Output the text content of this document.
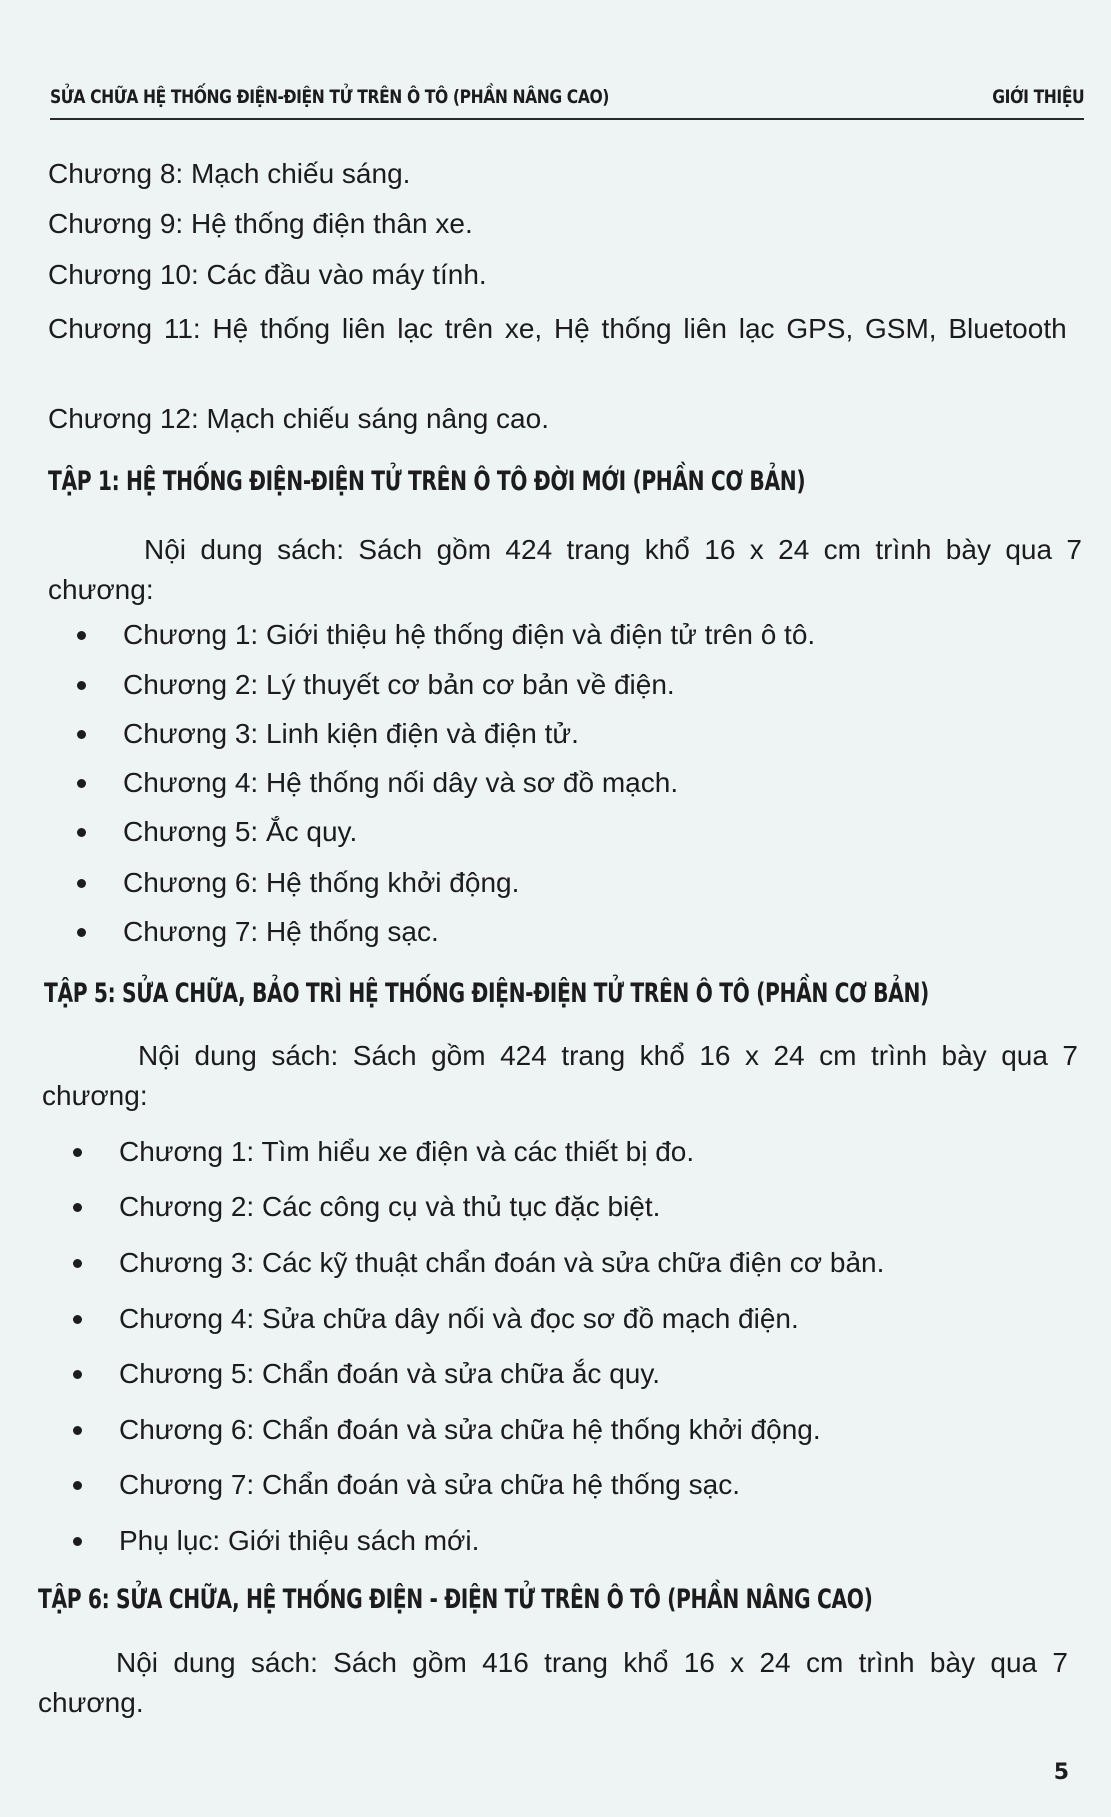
SỬA CHỮA HỆ THỐNG ĐIỆN-ĐIỆN TỬ TRÊN Ô TÔ (PHẦN NÂNG CAO)	GIỚI THIỆU
Chương 8: Mạch chiếu sáng.
Chương 9: Hệ thống điện thân xe.
Chương 10: Các đầu vào máy tính.
Chương 11: Hệ thống liên lạc trên xe, Hệ thống liên lạc GPS, GSM, Bluetooth
Chương 12: Mạch chiếu sáng nâng cao.
TẬP 1: HỆ THỐNG ĐIỆN-ĐIỆN TỬ TRÊN Ô TÔ ĐỜI MỚI (PHẦN CƠ BẢN)
Nội dung sách: Sách gồm 424 trang khổ 16 x 24 cm trình bày qua 7 chương:
Chương 1: Giới thiệu hệ thống điện và điện tử trên ô tô.
Chương 2: Lý thuyết cơ bản cơ bản về điện.
Chương 3: Linh kiện điện và điện tử.
Chương 4: Hệ thống nối dây và sơ đồ mạch.
Chương 5: Ắc quy.
Chương 6: Hệ thống khởi động.
Chương 7: Hệ thống sạc.
TẬP 5: SỬA CHỮA, BẢO TRÌ HỆ THỐNG ĐIỆN-ĐIỆN TỬ TRÊN Ô TÔ (PHẦN CƠ BẢN)
Nội dung sách: Sách gồm 424 trang khổ 16 x 24 cm trình bày qua 7 chương:
Chương 1: Tìm hiểu xe điện và các thiết bị đo.
Chương 2: Các công cụ và thủ tục đặc biệt.
Chương 3: Các kỹ thuật chẩn đoán và sửa chữa điện cơ bản.
Chương 4: Sửa chữa dây nối và đọc sơ đồ mạch điện.
Chương 5: Chẩn đoán và sửa chữa ắc quy.
Chương 6: Chẩn đoán và sửa chữa hệ thống khởi động.
Chương 7: Chẩn đoán và sửa chữa hệ thống sạc.
Phụ lục: Giới thiệu sách mới.
TẬP 6: SỬA CHỮA, HỆ THỐNG ĐIỆN - ĐIỆN TỬ TRÊN Ô TÔ (PHẦN NÂNG CAO)
Nội dung sách: Sách gồm 416 trang khổ 16 x 24 cm trình bày qua 7 chương.
5
